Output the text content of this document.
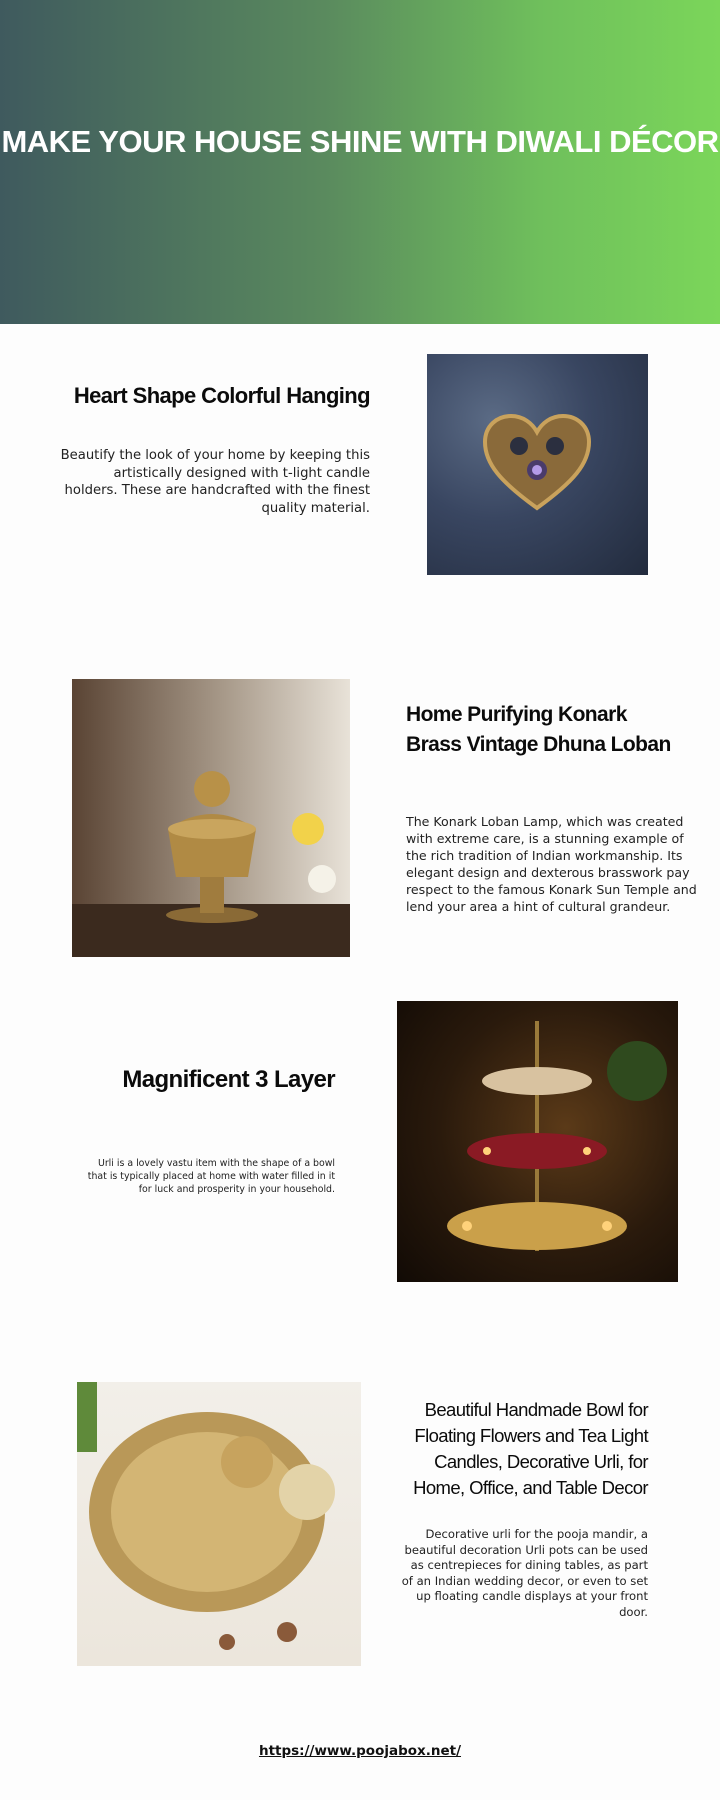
MAKE YOUR HOUSE SHINE WITH DIWALI DÉCOR
Heart Shape Colorful Hanging
Beautify the look of your home by keeping this artistically designed with t-light candle holders. These are handcrafted with the finest quality material.
Home Purifying Konark Brass Vintage Dhuna Loban
The Konark Loban Lamp, which was created with extreme care, is a stunning example of the rich tradition of Indian workmanship. Its elegant design and dexterous brasswork pay respect to the famous Konark Sun Temple and lend your area a hint of cultural grandeur.
Magnificent 3 Layer
Urli is a lovely vastu item with the shape of a bowl that is typically placed at home with water filled in it for luck and prosperity in your household.
Beautiful Handmade Bowl for Floating Flowers and Tea Light Candles, Decorative Urli, for Home, Office, and Table Decor
Decorative urli for the pooja mandir, a beautiful decoration Urli pots can be used as centrepieces for dining tables, as part of an Indian wedding decor, or even to set up floating candle displays at your front door.
https://www.poojabox.net/
